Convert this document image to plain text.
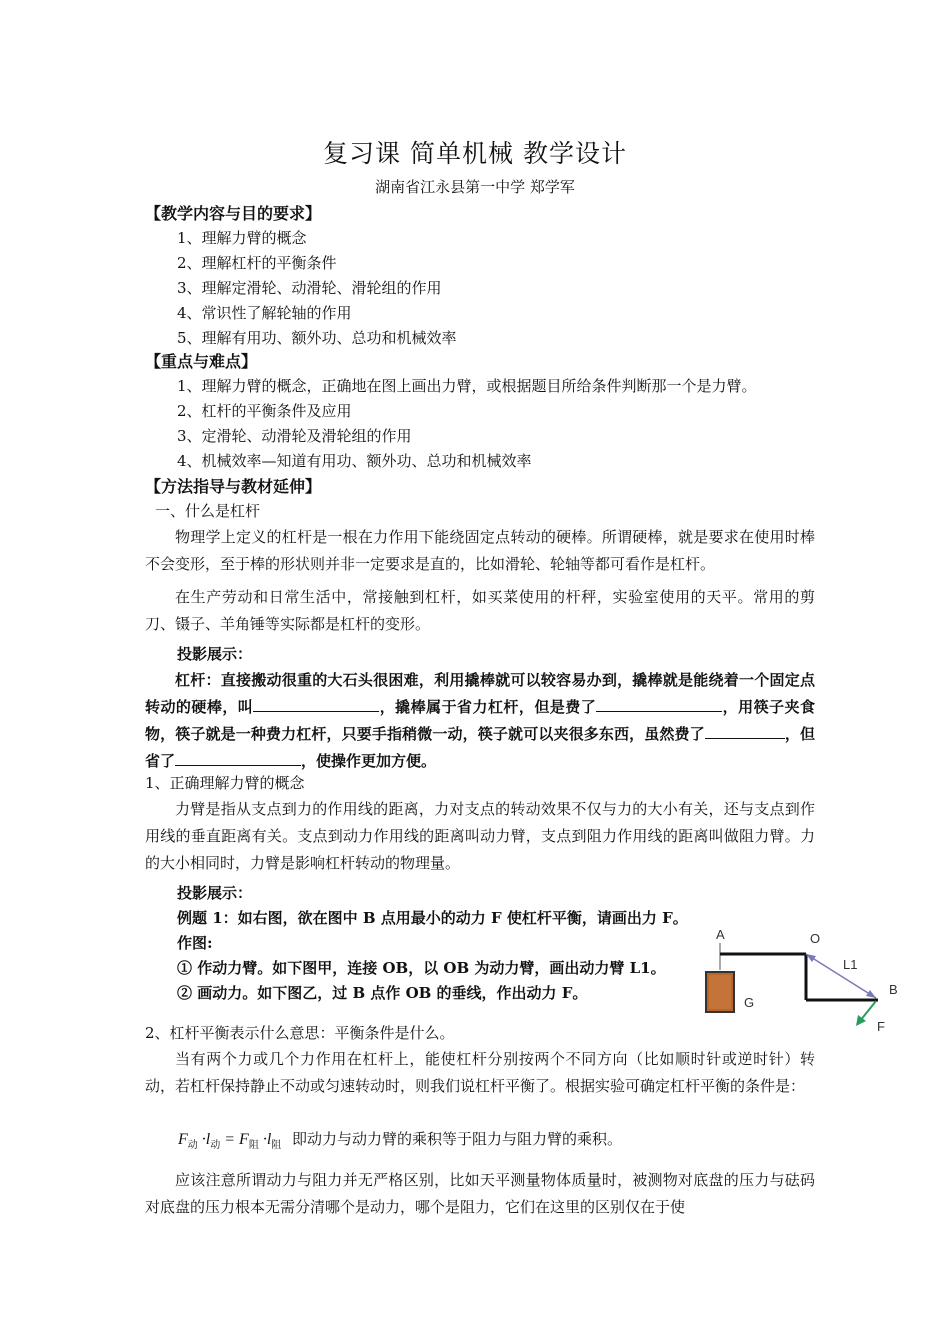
复习课 简单机械 教学设计
湖南省江永县第一中学 郑学军
【教学内容与目的要求】
1、理解力臂的概念
2、理解杠杆的平衡条件
3、理解定滑轮、动滑轮、滑轮组的作用
4、常识性了解轮轴的作用
5、理解有用功、额外功、总功和机械效率
【重点与难点】
1、理解力臂的概念，正确地在图上画出力臂，或根据题目所给条件判断那一个是力臂。
2、杠杆的平衡条件及应用
3、定滑轮、动滑轮及滑轮组的作用
4、机械效率—知道有用功、额外功、总功和机械效率
【方法指导与教材延伸】
一、什么是杠杆
物理学上定义的杠杆是一根在力作用下能绕固定点转动的硬棒。所谓硬棒，就是要求在使用时棒不会变形，至于棒的形状则并非一定要求是直的，比如滑轮、轮轴等都可看作是杠杆。
在生产劳动和日常生活中，常接触到杠杆，如买菜使用的杆秤，实验室使用的天平。常用的剪刀、镊子、羊角锤等实际都是杠杆的变形。
投影展示：
杠杆：直接搬动很重的大石头很困难，利用撬棒就可以较容易办到，撬棒就是能绕着一个固定点转动的硬棒，叫	，撬棒属于省力杠杆，但是费了	，用筷子夹食物，筷子就是一种费力杠杆，只要手指稍微一动，筷子就可以夹很多东西，虽然费了	，但省了	，使操作更加方便。
1、正确理解力臂的概念
力臂是指从支点到力的作用线的距离，力对支点的转动效果不仅与力的大小有关，还与支点到作用线的垂直距离有关。支点到动力作用线的距离叫动力臂，支点到阻力作用线的距离叫做阻力臂。力的大小相同时，力臂是影响杠杆转动的物理量。
投影展示：
例题 1：如右图，欲在图中 B 点用最小的动力 F 使杠杆平衡，请画出力 F。
作图:
① 作动力臂。如下图甲，连接 OB，以 OB 为动力臂，画出动力臂 L1。
② 画动力。如下图乙，过 B 点作 OB 的垂线，作出动力 F。
A
G
O
L1
B
F
2、杠杆平衡表示什么意思：平衡条件是什么。
当有两个力或几个力作用在杠杆上，能使杠杆分别按两个不同方向（比如顺时针或逆时针）转动，若杠杆保持静止不动或匀速转动时，则我们说杠杆平衡了。根据实验可确定杠杆平衡的条件是：
$F_动 \cdot l_动 = F_阻 \cdot l_阻$ 即动力与动力臂的乘积等于阻力与阻力臂的乘积。
应该注意所谓动力与阻力并无严格区别，比如天平测量物体质量时，被测物对底盘的压力与砝码对底盘的压力根本无需分清哪个是动力，哪个是阻力，它们在这里的区别仅在于使
